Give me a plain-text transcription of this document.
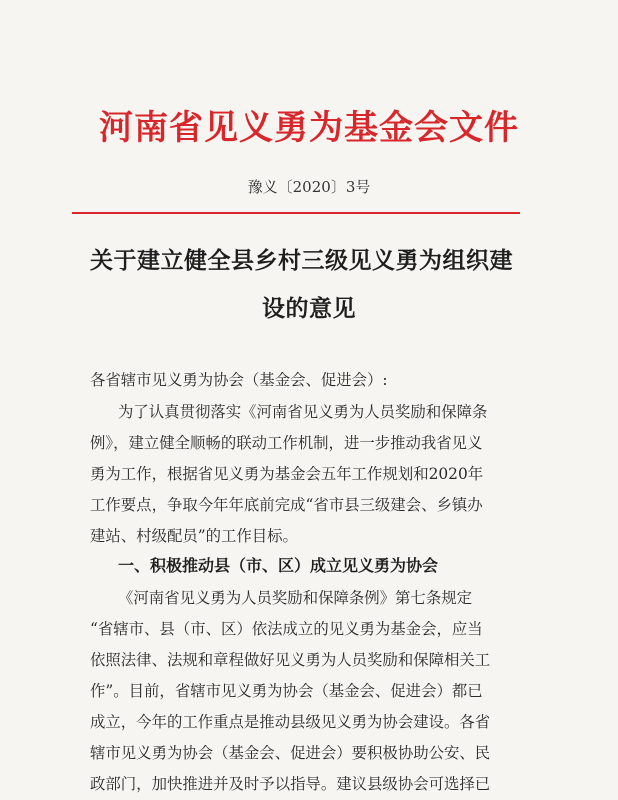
河南省见义勇为基金会文件
豫义〔2020〕3号
关于建立健全县乡村三级见义勇为组织建
设的意见
各省辖市见义勇为协会（基金会、促进会）:
为了认真贯彻落实《河南省见义勇为人员奖励和保障条
例》，建立健全顺畅的联动工作机制，进一步推动我省见义
勇为工作，根据省见义勇为基金会五年工作规划和2020年
工作要点，争取今年年底前完成“省市县三级建会、乡镇办
建站、村级配员”的工作目标。
一、积极推动县（市、区）成立见义勇为协会
《河南省见义勇为人员奖励和保障条例》第七条规定
“省辖市、县（市、区）依法成立的见义勇为基金会，应当
依照法律、法规和章程做好见义勇为人员奖励和保障相关工
作”。目前，省辖市见义勇为协会（基金会、促进会）都已
成立，今年的工作重点是推动县级见义勇为协会建设。各省
辖市见义勇为协会（基金会、促进会）要积极协助公安、民
政部门，加快推进并及时予以指导。建议县级协会可选择已
